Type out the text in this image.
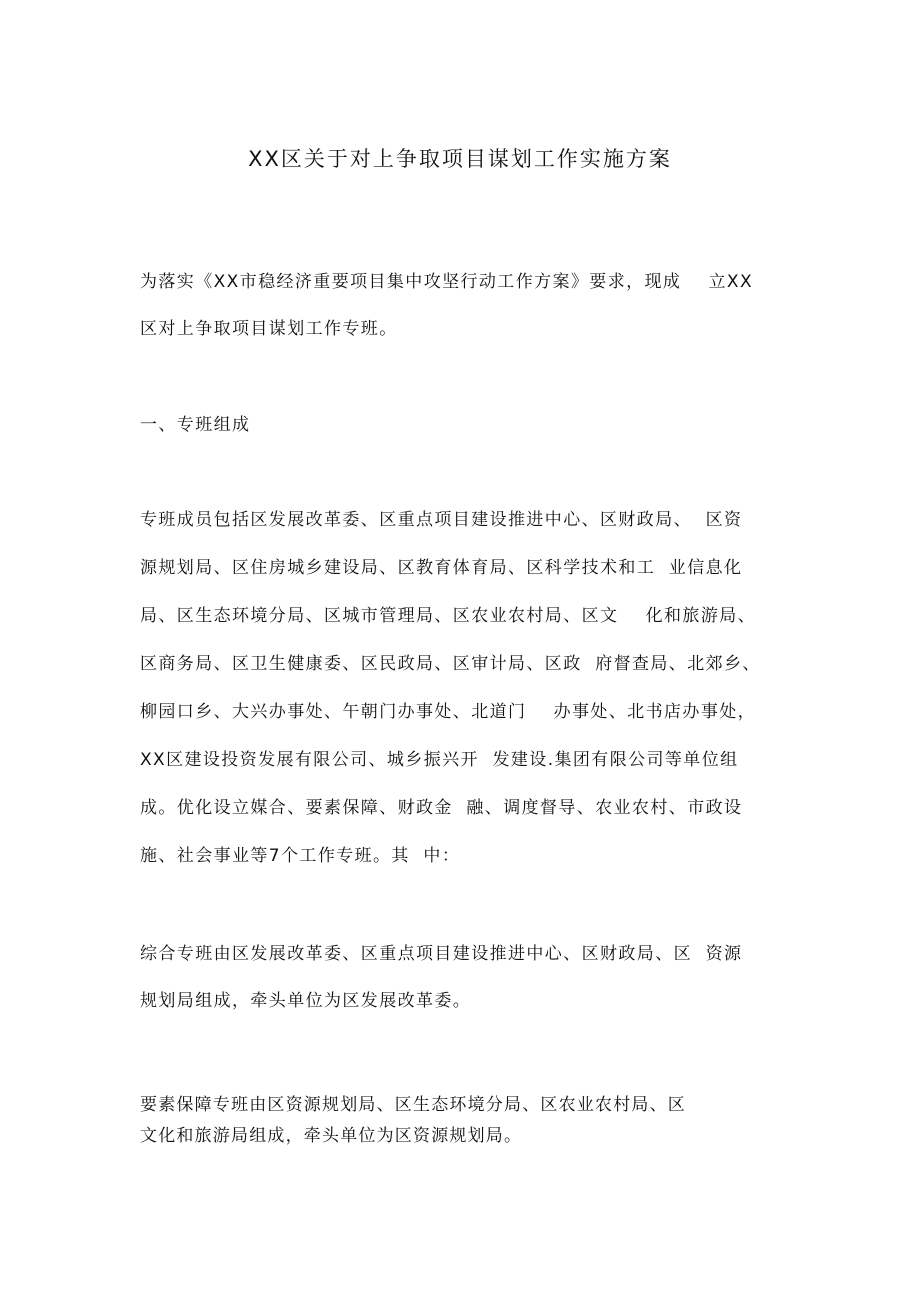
XX区关于对上争取项目谋划工作实施方案

为落实《XX市稳经济重要项目集中攻坚行动工作方案》要求，现成    立XX

区对上争取项目谋划工作专班。

一、专班组成

专班成员包括区发展改革委、区重点项目建设推进中心、区财政局、  区资

源规划局、区住房城乡建设局、区教育体育局、区科学技术和工  业信息化

局、区生态环境分局、区城市管理局、区农业农村局、区文    化和旅游局、

区商务局、区卫生健康委、区民政局、区审计局、区政  府督查局、北郊乡、

柳园口乡、大兴办事处、午朝门办事处、北道门    办事处、北书店办事处，

XX区建设投资发展有限公司、城乡振兴开  发建设.集团有限公司等单位组

成。优化设立媒合、要素保障、财政金  融、调度督导、农业农村、市政设

施、社会事业等7个工作专班。其  中：

综合专班由区发展改革委、区重点项目建设推进中心、区财政局、区  资源

规划局组成，牵头单位为区发展改革委。

要素保障专班由区资源规划局、区生态环境分局、区农业农村局、区

文化和旅游局组成，牵头单位为区资源规划局。
